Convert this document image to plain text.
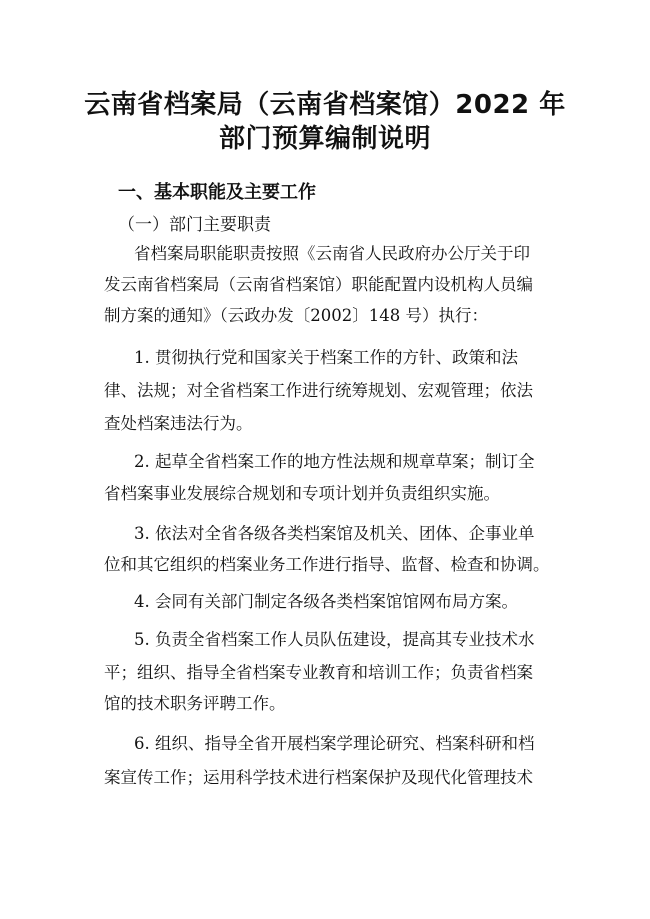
云南省档案局（云南省档案馆）2022 年
部门预算编制说明
一、基本职能及主要工作
（一）部门主要职责
省档案局职能职责按照《云南省人民政府办公厅关于印
发云南省档案局（云南省档案馆）职能配置内设机构人员编
制方案的通知》（云政办发〔2002〕148 号）执行：
1. 贯彻执行党和国家关于档案工作的方针、政策和法
律、法规；对全省档案工作进行统筹规划、宏观管理；依法
查处档案违法行为。
2. 起草全省档案工作的地方性法规和规章草案；制订全
省档案事业发展综合规划和专项计划并负责组织实施。
3. 依法对全省各级各类档案馆及机关、团体、企事业单
位和其它组织的档案业务工作进行指导、监督、检查和协调。
4. 会同有关部门制定各级各类档案馆馆网布局方案。
5. 负责全省档案工作人员队伍建设，提高其专业技术水
平；组织、指导全省档案专业教育和培训工作；负责省档案
馆的技术职务评聘工作。
6. 组织、指导全省开展档案学理论研究、档案科研和档
案宣传工作；运用科学技术进行档案保护及现代化管理技术
